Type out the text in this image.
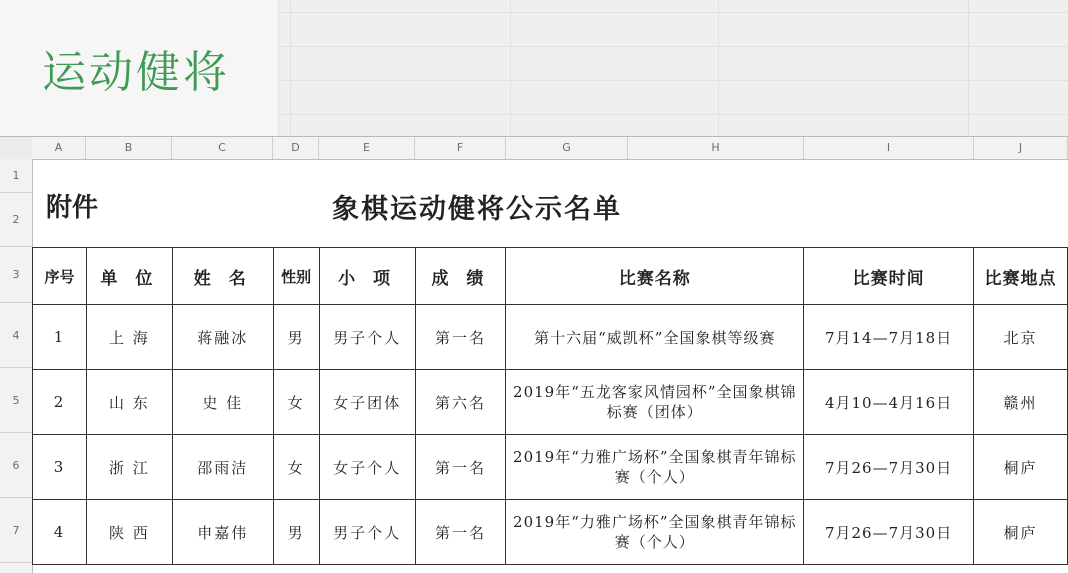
运动健将
A	B	C	D	E	F	G	H	I	J
1
2
3
4
5
6
7
附件	象棋运动健将公示名单
序号	单 位	姓 名	性别	小 项	成 绩	比赛名称	比赛时间	比赛地点
1	上 海	蒋融冰	男	男子个人	第一名	第十六届“威凯杯”全国象棋等级赛	7月14—7月18日	北京
2	山 东	史 佳	女	女子团体	第六名	2019年“五龙客家风情园杯”全国象棋锦标赛（团体）	4月10—4月16日	赣州
3	浙 江	邵雨洁	女	女子个人	第一名	2019年“力雅广场杯”全国象棋青年锦标赛（个人）	7月26—7月30日	桐庐
4	陕 西	申嘉伟	男	男子个人	第一名	2019年“力雅广场杯”全国象棋青年锦标赛（个人）	7月26—7月30日	桐庐
